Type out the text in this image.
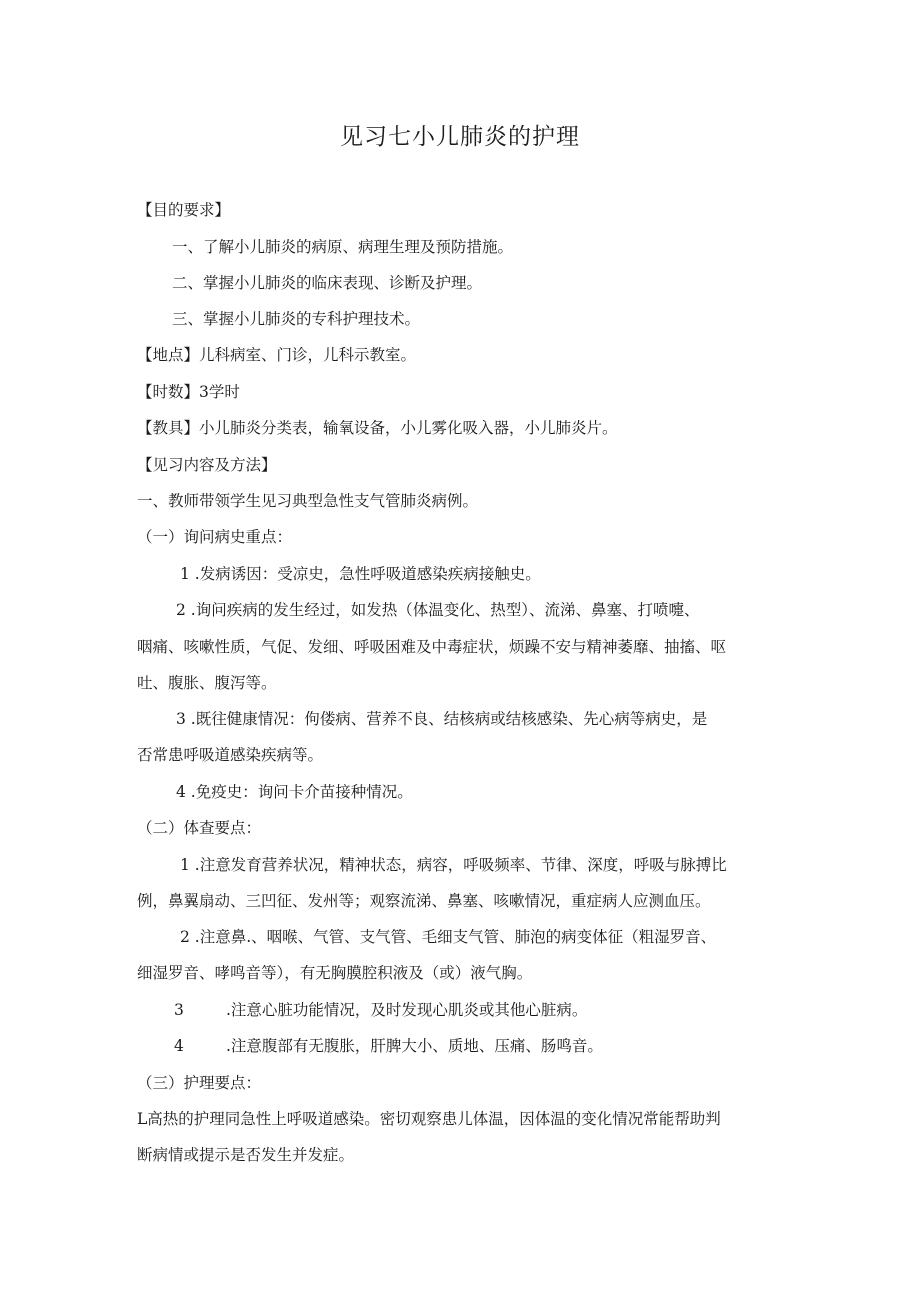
见习七小儿肺炎的护理
【目的要求】
一、了解小儿肺炎的病原、病理生理及预防措施。
二、掌握小儿肺炎的临床表现、诊断及护理。
三、掌握小儿肺炎的专科护理技术。
【地点】儿科病室、门诊，儿科示教室。
【时数】3学时
【教具】小儿肺炎分类表，输氧设备，小儿雾化吸入器，小儿肺炎片。
【见习内容及方法】
一、教师带领学生见习典型急性支气管肺炎病例。
（一）询问病史重点：
1 .发病诱因：受凉史，急性呼吸道感染疾病接触史。
2 .询问疾病的发生经过，如发热（体温变化、热型）、流涕、鼻塞、打喷嚏、
咽痛、咳嗽性质，气促、发细、呼吸困难及中毒症状，烦躁不安与精神萎靡、抽搐、呕
吐、腹胀、腹泻等。
3 .既往健康情况：佝偻病、营养不良、结核病或结核感染、先心病等病史，是
否常患呼吸道感染疾病等。
4 .免疫史：询问卡介苗接种情况。
（二）体查要点：
1 .注意发育营养状况，精神状态，病容，呼吸频率、节律、深度，呼吸与脉搏比
例，鼻翼扇动、三凹征、发州等；观察流涕、鼻塞、咳嗽情况，重症病人应测血压。
2 .注意鼻.、咽喉、气管、支气管、毛细支气管、肺泡的病变体征（粗湿罗音、
细湿罗音、哮鸣音等），有无胸膜腔积液及（或）液气胸。
3	.注意心脏功能情况，及时发现心肌炎或其他心脏病。
4	.注意腹部有无腹胀，肝脾大小、质地、压痛、肠鸣音。
（三）护理要点：
L高热的护理同急性上呼吸道感染。密切观察患儿体温，因体温的变化情况常能帮助判
断病情或提示是否发生并发症。
